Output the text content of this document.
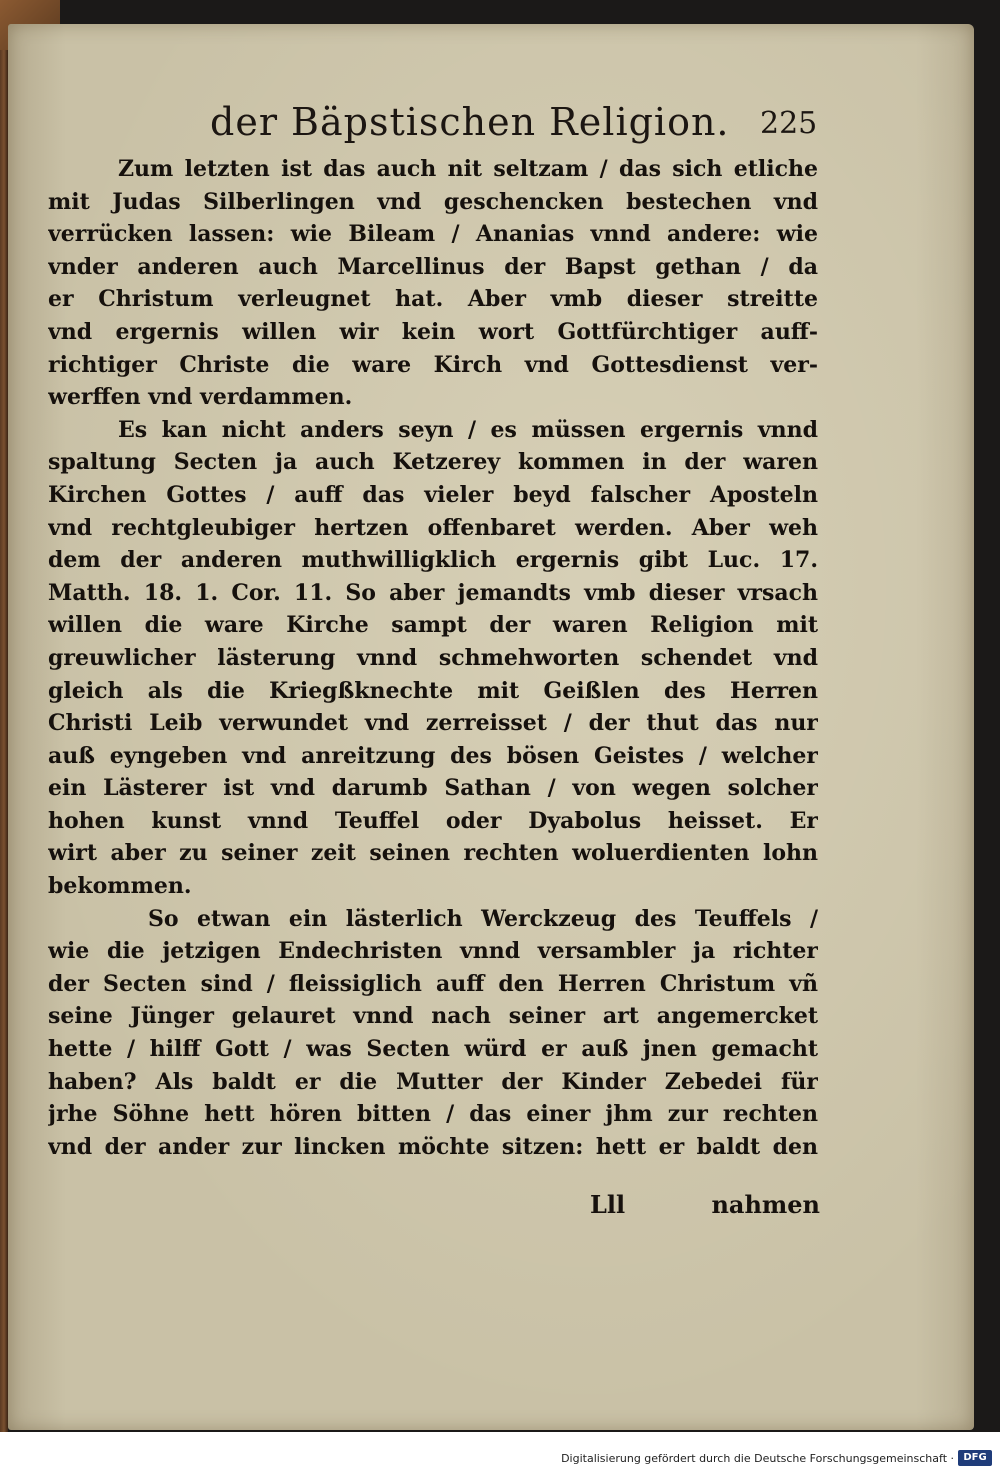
der Bäpstischen Religion. 225
Zum letzten ist das auch nit seltzam / das sich etliche
mit Judas Silberlingen vnd geschencken bestechen vnd
verrücken lassen: wie Bileam / Ananias vnnd andere: wie
vnder anderen auch Marcellinus der Bapst gethan / da
er Christum verleugnet hat. Aber vmb dieser streitte
vnd ergernis willen wir kein wort Gottfürchtiger auff-
richtiger Christe die ware Kirch vnd Gottesdienst ver-
werffen vnd verdammen.
Es kan nicht anders seyn / es müssen ergernis vnnd
spaltung Secten ja auch Ketzerey kommen in der waren
Kirchen Gottes / auff das vieler beyd falscher Aposteln
vnd rechtgleubiger hertzen offenbaret werden. Aber weh
dem der anderen muthwilligklich ergernis gibt Luc. 17.
Matth. 18. 1. Cor. 11. So aber jemandts vmb dieser vrsach
willen die ware Kirche sampt der waren Religion mit
greuwlicher lästerung vnnd schmehworten schendet vnd
gleich als die Kriegßknechte mit Geißlen des Herren
Christi Leib verwundet vnd zerreisset / der thut das nur
auß eyngeben vnd anreitzung des bösen Geistes / welcher
ein Lästerer ist vnd darumb Sathan / von wegen solcher
hohen kunst vnnd Teuffel oder Dyabolus heisset. Er
wirt aber zu seiner zeit seinen rechten woluerdienten lohn
bekommen.
So etwan ein lästerlich Werckzeug des Teuffels /
wie die jetzigen Endechristen vnnd versambler ja richter
der Secten sind / fleissiglich auff den Herren Christum vñ
seine Jünger gelauret vnnd nach seiner art angemercket
hette / hilff Gott / was Secten würd er auß jnen gemacht
haben? Als baldt er die Mutter der Kinder Zebedei für
jrhe Söhne hett hören bitten / das einer jhm zur rechten
vnd der ander zur lincken möchte sitzen: hett er baldt den
Lll	nahmen
Digitalisierung gefördert durch die Deutsche Forschungsgemeinschaft · DFG
